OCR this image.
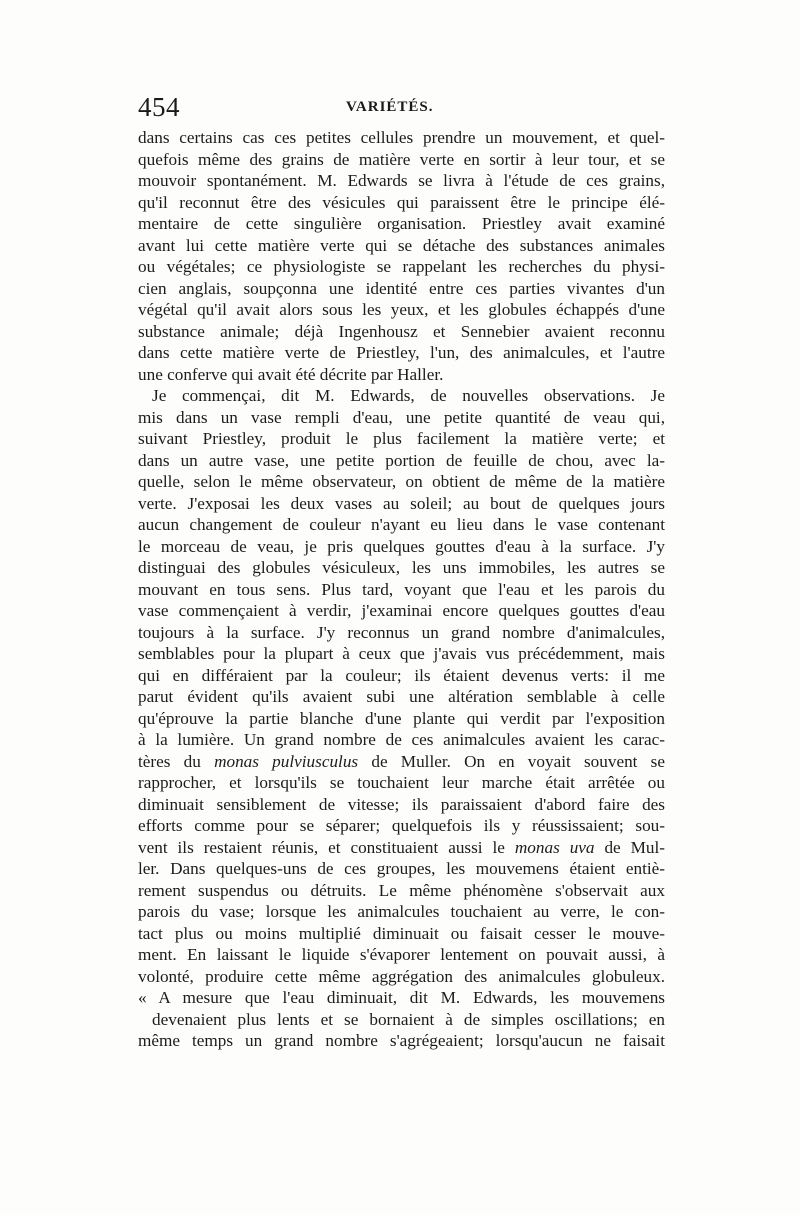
454	VARIÉTÉS.
dans certains cas ces petites cellules prendre un mouvement, et quel-
quefois même des grains de matière verte en sortir à leur tour, et se
mouvoir spontanément. M. Edwards se livra à l'étude de ces grains,
qu'il reconnut être des vésicules qui paraissent être le principe élé-
mentaire de cette singulière organisation. Priestley avait examiné
avant lui cette matière verte qui se détache des substances animales
ou végétales; ce physiologiste se rappelant les recherches du physi-
cien anglais, soupçonna une identité entre ces parties vivantes d'un
végétal qu'il avait alors sous les yeux, et les globules échappés d'une
substance animale; déjà Ingenhousz et Sennebier avaient reconnu
dans cette matière verte de Priestley, l'un, des animalcules, et l'autre
une conferve qui avait été décrite par Haller.
Je commençai, dit M. Edwards, de nouvelles observations. Je
mis dans un vase rempli d'eau, une petite quantité de veau qui,
suivant Priestley, produit le plus facilement la matière verte; et
dans un autre vase, une petite portion de feuille de chou, avec la-
quelle, selon le même observateur, on obtient de même de la matière
verte. J'exposai les deux vases au soleil; au bout de quelques jours
aucun changement de couleur n'ayant eu lieu dans le vase contenant
le morceau de veau, je pris quelques gouttes d'eau à la surface. J'y
distinguai des globules vésiculeux, les uns immobiles, les autres se
mouvant en tous sens. Plus tard, voyant que l'eau et les parois du
vase commençaient à verdir, j'examinai encore quelques gouttes d'eau
toujours à la surface. J'y reconnus un grand nombre d'animalcules,
semblables pour la plupart à ceux que j'avais vus précédemment, mais
qui en différaient par la couleur; ils étaient devenus verts: il me
parut évident qu'ils avaient subi une altération semblable à celle
qu'éprouve la partie blanche d'une plante qui verdit par l'exposition
à la lumière. Un grand nombre de ces animalcules avaient les carac-
tères du monas pulviusculus de Muller. On en voyait souvent se
rapprocher, et lorsqu'ils se touchaient leur marche était arrêtée ou
diminuait sensiblement de vitesse; ils paraissaient d'abord faire des
efforts comme pour se séparer; quelquefois ils y réussissaient; sou-
vent ils restaient réunis, et constituaient aussi le monas uva de Mul-
ler. Dans quelques-uns de ces groupes, les mouvemens étaient entiè-
rement suspendus ou détruits. Le même phénomène s'observait aux
parois du vase; lorsque les animalcules touchaient au verre, le con-
tact plus ou moins multiplié diminuait ou faisait cesser le mouve-
ment. En laissant le liquide s'évaporer lentement on pouvait aussi, à
volonté, produire cette même aggrégation des animalcules globuleux.
« A mesure que l'eau diminuait, dit M. Edwards, les mouvemens
devenaient plus lents et se bornaient à de simples oscillations; en
même temps un grand nombre s'agrégeaient; lorsqu'aucun ne faisait
